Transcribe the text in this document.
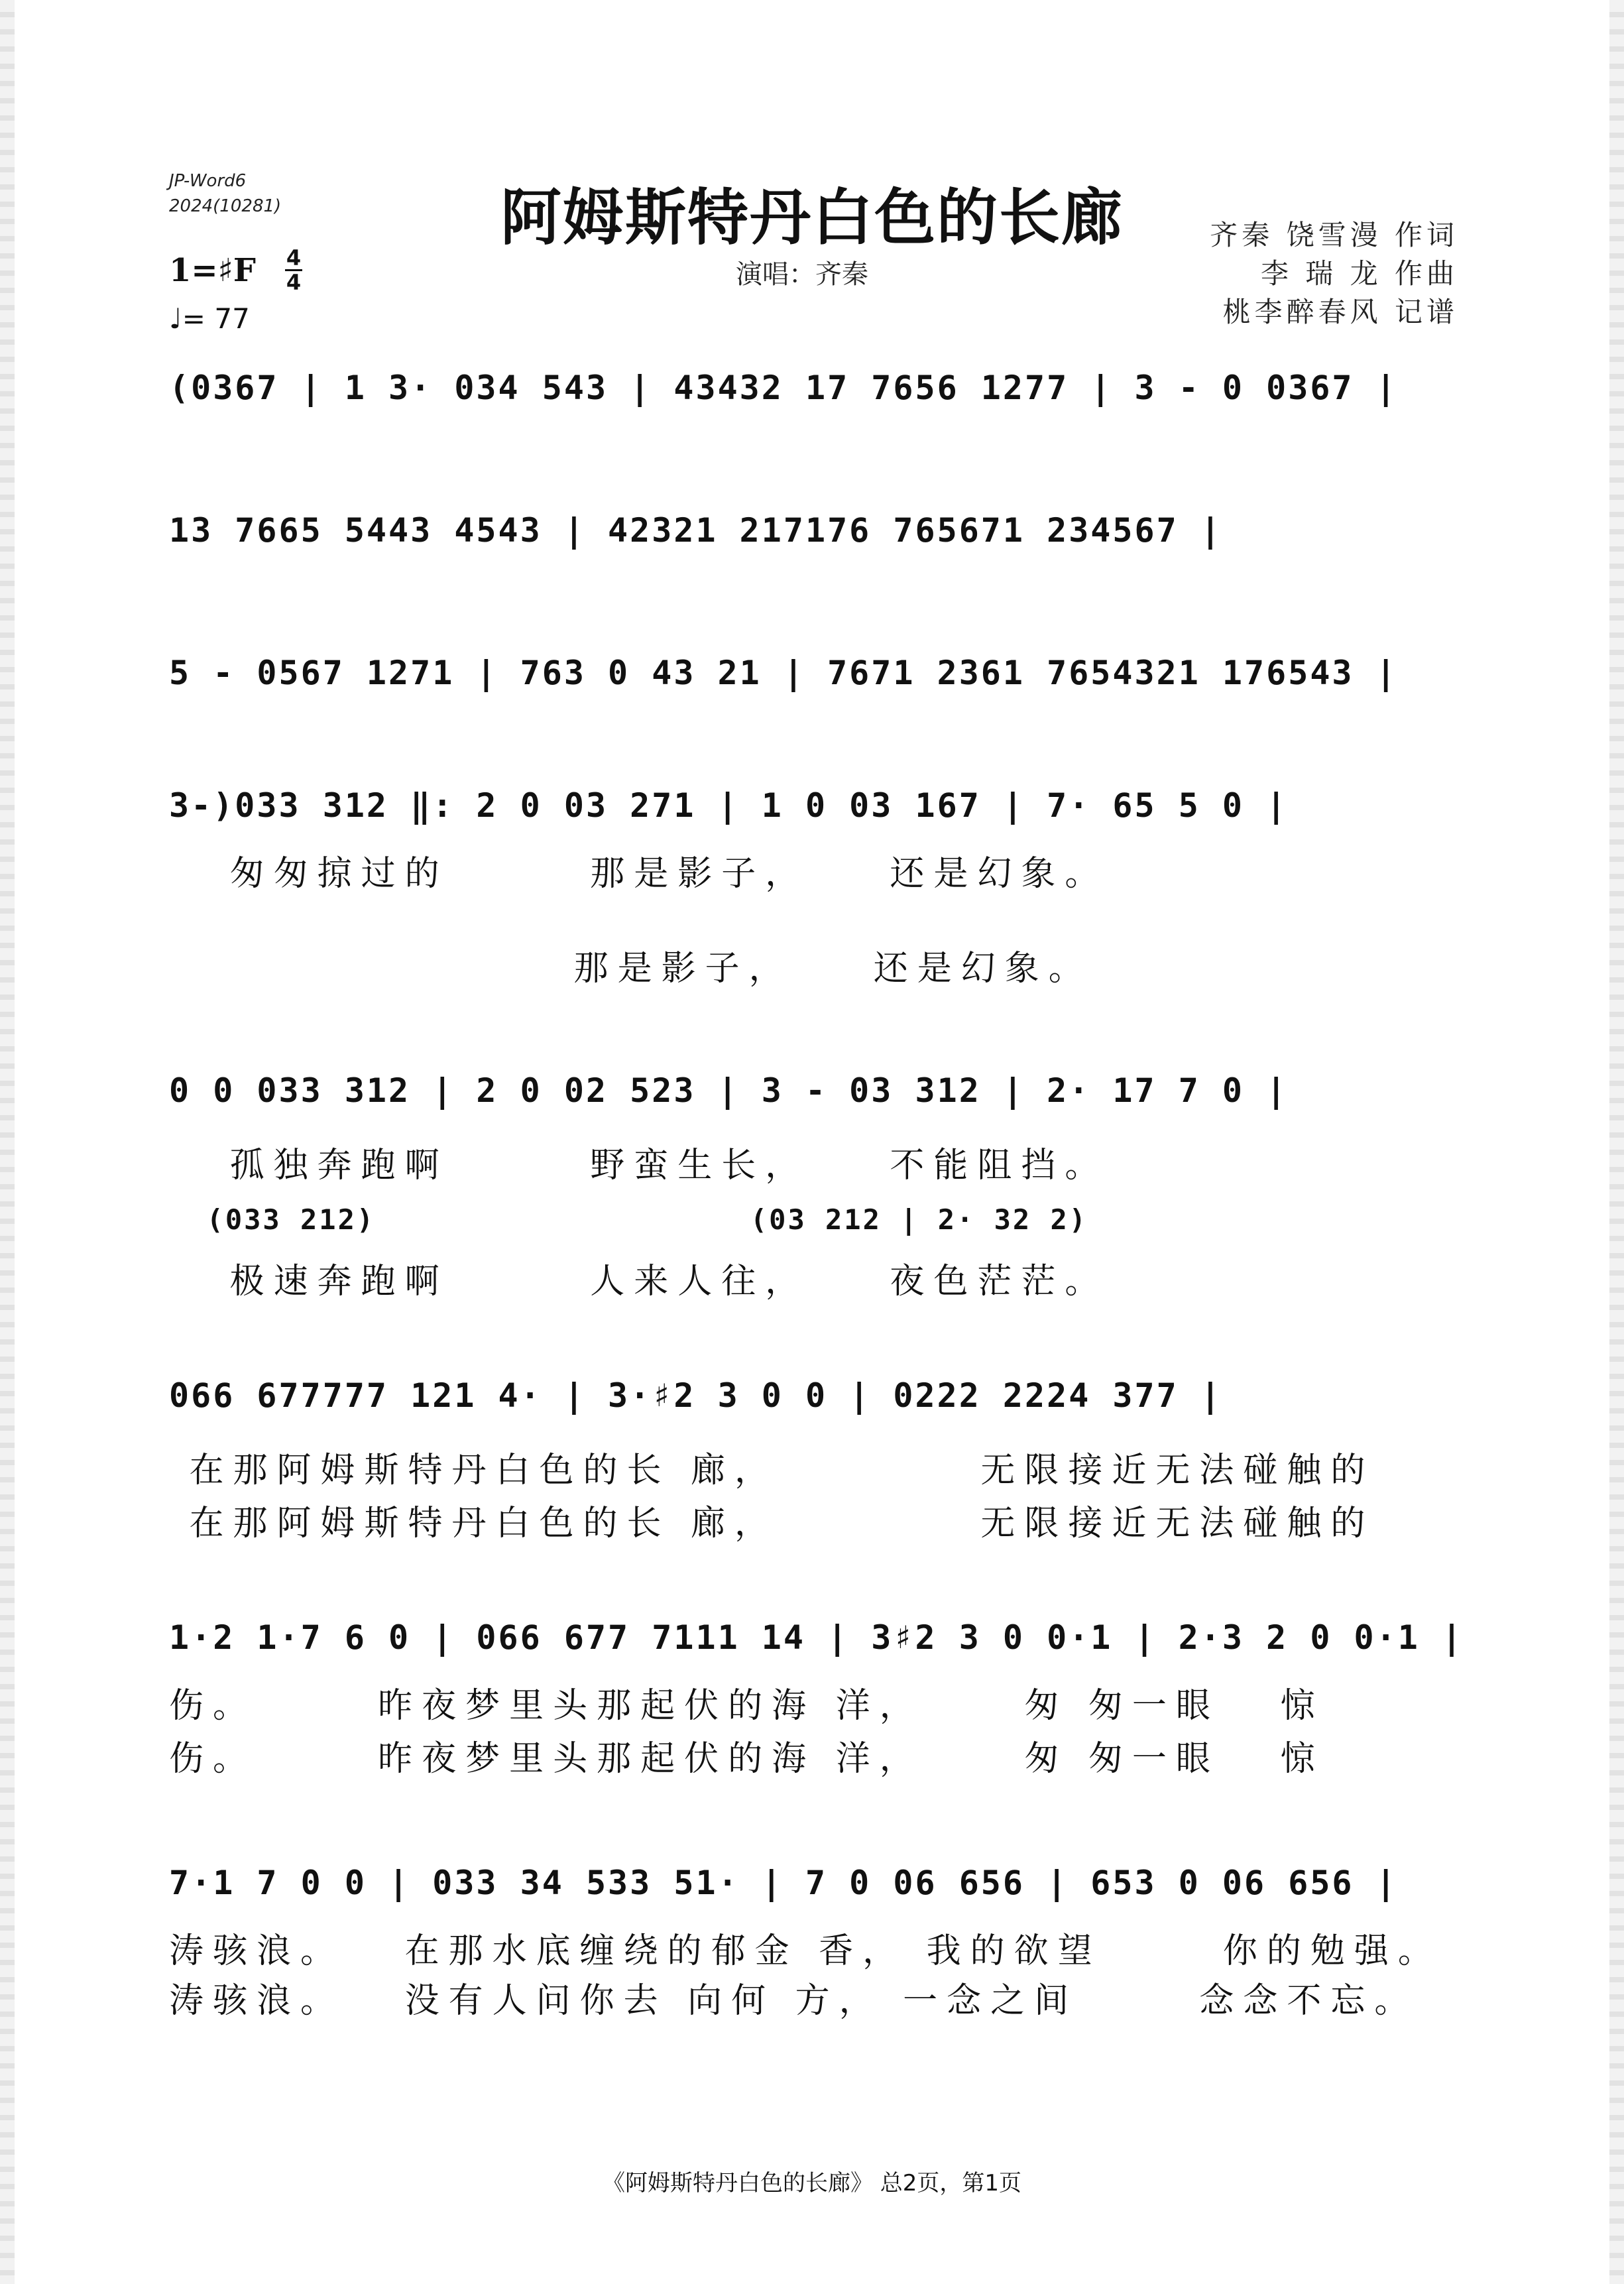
JP-Word6
2024(10281)	阿姆斯特丹白色的长廊
演唱：齐秦
齐秦 饶雪漫 作词
李 瑞 龙 作曲
桃李醉春风 记谱
1=♯F 4
4
♩= 77
(0367 | 1 3· 034 543 | 43432 17 7656 1277 | 3 - 0 0367 |
13 7665 5443 4543 | 42321 217176 765671 234567 |
5 - 0567 1271 | 763 0 43 21 | 7671 2361 7654321 176543 |
3-)033 312 ‖: 2 0 03 271 | 1 0 03 167 | 7· 65 5 0 |
匆匆掠过的       那是影子，    还是幻象。
那是影子，    还是幻象。
0 0 033 312 | 2 0 02 523 | 3 - 03 312 | 2· 17 7 0 |
孤独奔跑啊       野蛮生长，    不能阻挡。
(033 212)                    (03 212 | 2· 32 2)
极速奔跑啊       人来人往，    夜色茫茫。
066 677777 121 4· | 3·♯2 3 0 0 | 0222 2224 377 |
在那阿姆斯特丹白色的长 廊，          无限接近无法碰触的
在那阿姆斯特丹白色的长 廊，          无限接近无法碰触的
1·2 1·7 6 0 | 066 677 7111 14 | 3♯2 3 0 0·1 | 2·3 2 0 0·1 |
伤。      昨夜梦里头那起伏的海 洋，     匆 匆一眼   惊
伤。      昨夜梦里头那起伏的海 洋，     匆 匆一眼   惊
7·1 7 0 0 | 033 34 533 51· | 7 0 06 656 | 653 0 06 656 |
涛骇浪。   在那水底缠绕的郁金 香， 我的欲望      你的勉强。
涛骇浪。   没有人问你去 向何 方， 一念之间      念念不忘。
《阿姆斯特丹白色的长廊》 总2页，第1页
